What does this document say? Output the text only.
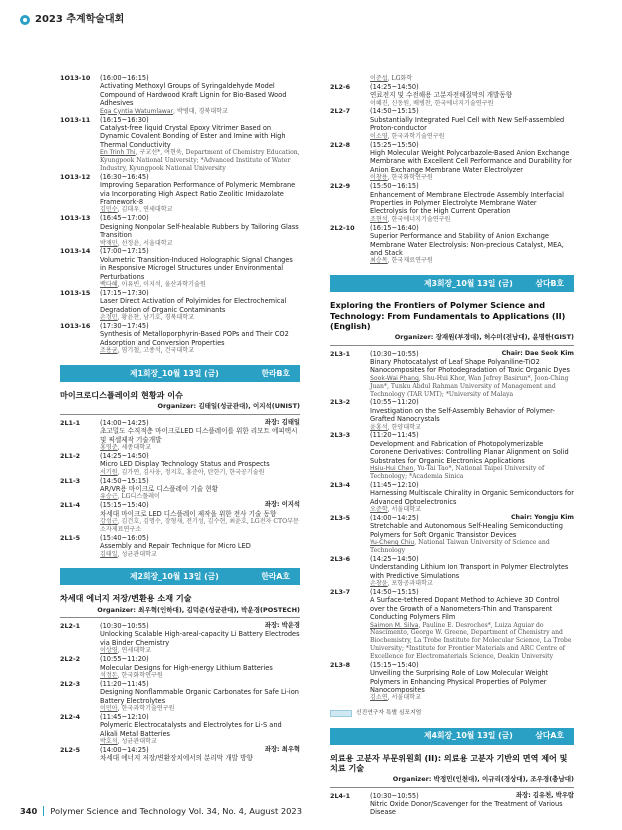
2023 추계학술대회
1O13-10	(16:00~16:15)
Activating Methoxyl Groups of Syringaldehyde Model Compound of Hardwood Kraft Lignin for Bio-Based Wood Adhesives
Eqa Cyntia Watumlawar, 박병대, 경북대학교
1O13-11	(16:15~16:30)
Catalyst-free liquid Crystal Epoxy Vitrimer Based on Dynamic Covalent Bonding of Ester and Imine with High Thermal Conductivity
En Trinh Thi, 구교선*, 여현욱, Department of Chemistry Education, Kyungpook National University; *Advanced Institute of Water Industry, Kyungpook National University
1O13-12	(16:30~16:45)
Improving Separation Performance of Polymeric Membrane via Incorporating High Aspect Ratio Zeolitic Imidazolate Framework-8
김민수, 김대우, 연세대학교
1O13-13	(16:45~17:00)
Designing Nonpolar Self-healable Rubbers by Tailoring Glass Transition
박재민, 선정윤, 서울대학교
1O13-14	(17:00~17:15)
Volumetric Transition-Induced Holographic Signal Changes in Responsive Microgel Structures under Environmental Perturbations
백다혜, 이유빈, 이지석, 울산과학기술원
1O13-15	(17:15~17:30)
Laser Direct Activation of Polyimides for Electrochemical Degradation of Organic Contaminants
손정민, 황윤찬, 남기호, 경북대학교
1O13-16	(17:30~17:45)
Synthesis of Metalloporphyrin-Based POPs and Their CO2 Adsorption and Conversion Properties
조용균, 염기철, 고종석, 건국대학교
제1회장_10월 13일 (금)	한라B호
마이크로디스플레이의 현황과 이슈
Organizer: 김태일(성균관대), 이지석(UNIST)
2L1-1	(14:00~14:25)	좌장: 김태일
초고밀도 수직적층 마이크로LED 디스플레이를 위한 리모트 에피택시 및 픽셀제작 기술개발
홍영준, 세종대학교
2L1-2	(14:25~14:50)
Micro LED Display Technology Status and Prospects
서기원, 김가연, 김사웅, 정지호, 홍준아, 탄한기, 한국공기술원
2L1-3	(14:50~15:15)
AR/VR용 마이크로 디스플레이 기술 현황
유승근, LG디스플레이
2L1-4	(15:15~15:40)	좌장: 이지석
차세대 마이크로 LED 디스플레이 제작을 위한 전사 기술 동향
강성근, 김건호, 김명수, 장형재, 전기성, 김수현, 최윤호, LG전자 CTO부문 소자제료연구소
2L1-5	(15:40~16:05)
Assembly and Repair Technique for Micro LED
김태일, 성균관대학교
제2회장_10월 13일 (금)	한라A호
차세대 에너지 저장/변환용 소재 기술
Organizer: 최우혁(인하대), 김덕준(성균관대), 박운경(POSTECH)
2L2-1	(10:30~10:55)	좌장: 박운경
Unlocking Scalable High-areal-capacity Li Battery Electrodes via Binder Chemistry
이상영, 연세대학교
2L2-2	(10:55~11:20)
Molecular Designs for High-energy Lithium Batteries
석정돈, 한국화학연구원
2L2-3	(11:20~11:45)
Designing Nonflammable Organic Carbonates for Safe Li-ion Battery Electrolytes
이민아, 한국과학기술연구원
2L2-4	(11:45~12:10)
Polymeric Electrocatalysts and Electrolytes for Li-S and Alkali Metal Batteries
박호석, 성균관대학교
2L2-5	(14:00~14:25)	좌장: 최우혁
차세대 에너지 저장/변환장치에서의 분리막 개발 방향
이준섭, LG화학
2L2-6	(14:25~14:50)
연료전지 및 수전해용 고분자전해질막의 개발동향
이혜진, 신동원, 배병찬, 한국에너지기술연구원
2L2-7	(14:50~15:15)
Substantially Integrated Fuel Cell with New Self-assembled Proton-conductor
이소영, 한국과학기술연구원
2L2-8	(15:25~15:50)
High Molecular Weight Polycarbazole-Based Anion Exchange Membrane with Excellent Cell Performance and Durability for Anion Exchange Membrane Water Electrolyzer
이창용, 한국화학연구원
2L2-9	(15:50~16:15)
Enhancement of Membrane Electrode Assembly Interfacial Properties in Polymer Electrolyte Membrane Water Electrolysis for the High Current Operation
조현석, 한국에너지기술연구원
2L2-10	(16:15~16:40)
Superior Performance and Stability of Anion Exchange Membrane Water Electrolysis: Non-precious Catalyst, MEA, and Stack
최승목, 한국재료연구원
제3회장_10월 13일 (금)	삼다B호
Exploring the Frontiers of Polymer Science and Technology: From Fundamentals to Applications (II) (English)
Organizer: 장재원(부경대), 허수미(전남대), 윤명한(GIST)
2L3-1	(10:30~10:55)	Chair: Dae Seok Kim
Binary Photocatalyst of Leaf Shape Polyaniline-TiO2 Nanocomposites for Photodegradation of Toxic Organic Dyes
Sook-Wai Phang, Shu-Hui Khor, Wan Jefrey Basirun*, Joon-Ching Juan*, Tunku Abdul Rahman University of Management and Technology (TAR UMT); *University of Malaya
2L3-2	(10:55~11:20)
Investigation on the Self-Assembly Behavior of Polymer-Grafted Nanocrystals
윤홍석, 한양대학교
2L3-3	(11:20~11:45)
Development and Fabrication of Photopolymerizable Coronene Derivatives: Controlling Planar Alignment on Solid Substrates for Organic Electronics Applications
Hsiu-Hui Chen, Yu-Tai Tao*, National Taipei University of Technology; *Academia Sinica
2L3-4	(11:45~12:10)
Harnessing Multiscale Chirality in Organic Semiconductors for Advanced Optoelectronics
오준학, 서울대학교
2L3-5	(14:00~14:25)	Chair: Yongju Kim
Stretchable and Autonomous Self-Healing Semiconducting Polymers for Soft Organic Transistor Devices
Yu-Cheng Chiu, National Taiwan University of Science and Technology
2L3-6	(14:25~14:50)
Understanding Lithium Ion Transport in Polymer Electrolytes with Predictive Simulations
손창윤, 포항공과대학교
2L3-7	(14:50~15:15)
A Surface-tethered Dopant Method to Achieve 3D Control over the Growth of a Nanometers-Thin and Transparent Conducting Polymers Film
Saimon M. Silva, Pauline E. Desroches*, Luiza Aguiar do Nascimento, George W. Greene, Department of Chemistry and Biochemistry, La Trobe Institute for Molecular Science, La Trobe University; *Institute for Frontier Materials and ARC Centre of Excellence for Electromaterials Science, Deakin University
2L3-8	(15:15~15:40)
Unveiling the Surprising Role of Low Molecular Weight Polymers in Enhancing Physical Properties of Polymer Nanocomposites
김소연, 서울대학교
신진연구자 특별 심포지엄
제4회장_10월 13일 (금)	삼다A호
의료용 고분자 부문위원회 (II): 의료용 고분자 기반의 면역 제어 및 치료 기술
Organizer: 박정민(인천대), 이규리(경상대), 조우경(충남대)
2L4-1	(10:30~10:55)	좌장: 김유천, 박우람
Nitric Oxide Donor/Scavenger for the Treatment of Various Disease
340 Polymer Science and Technology Vol. 34, No. 4, August 2023
